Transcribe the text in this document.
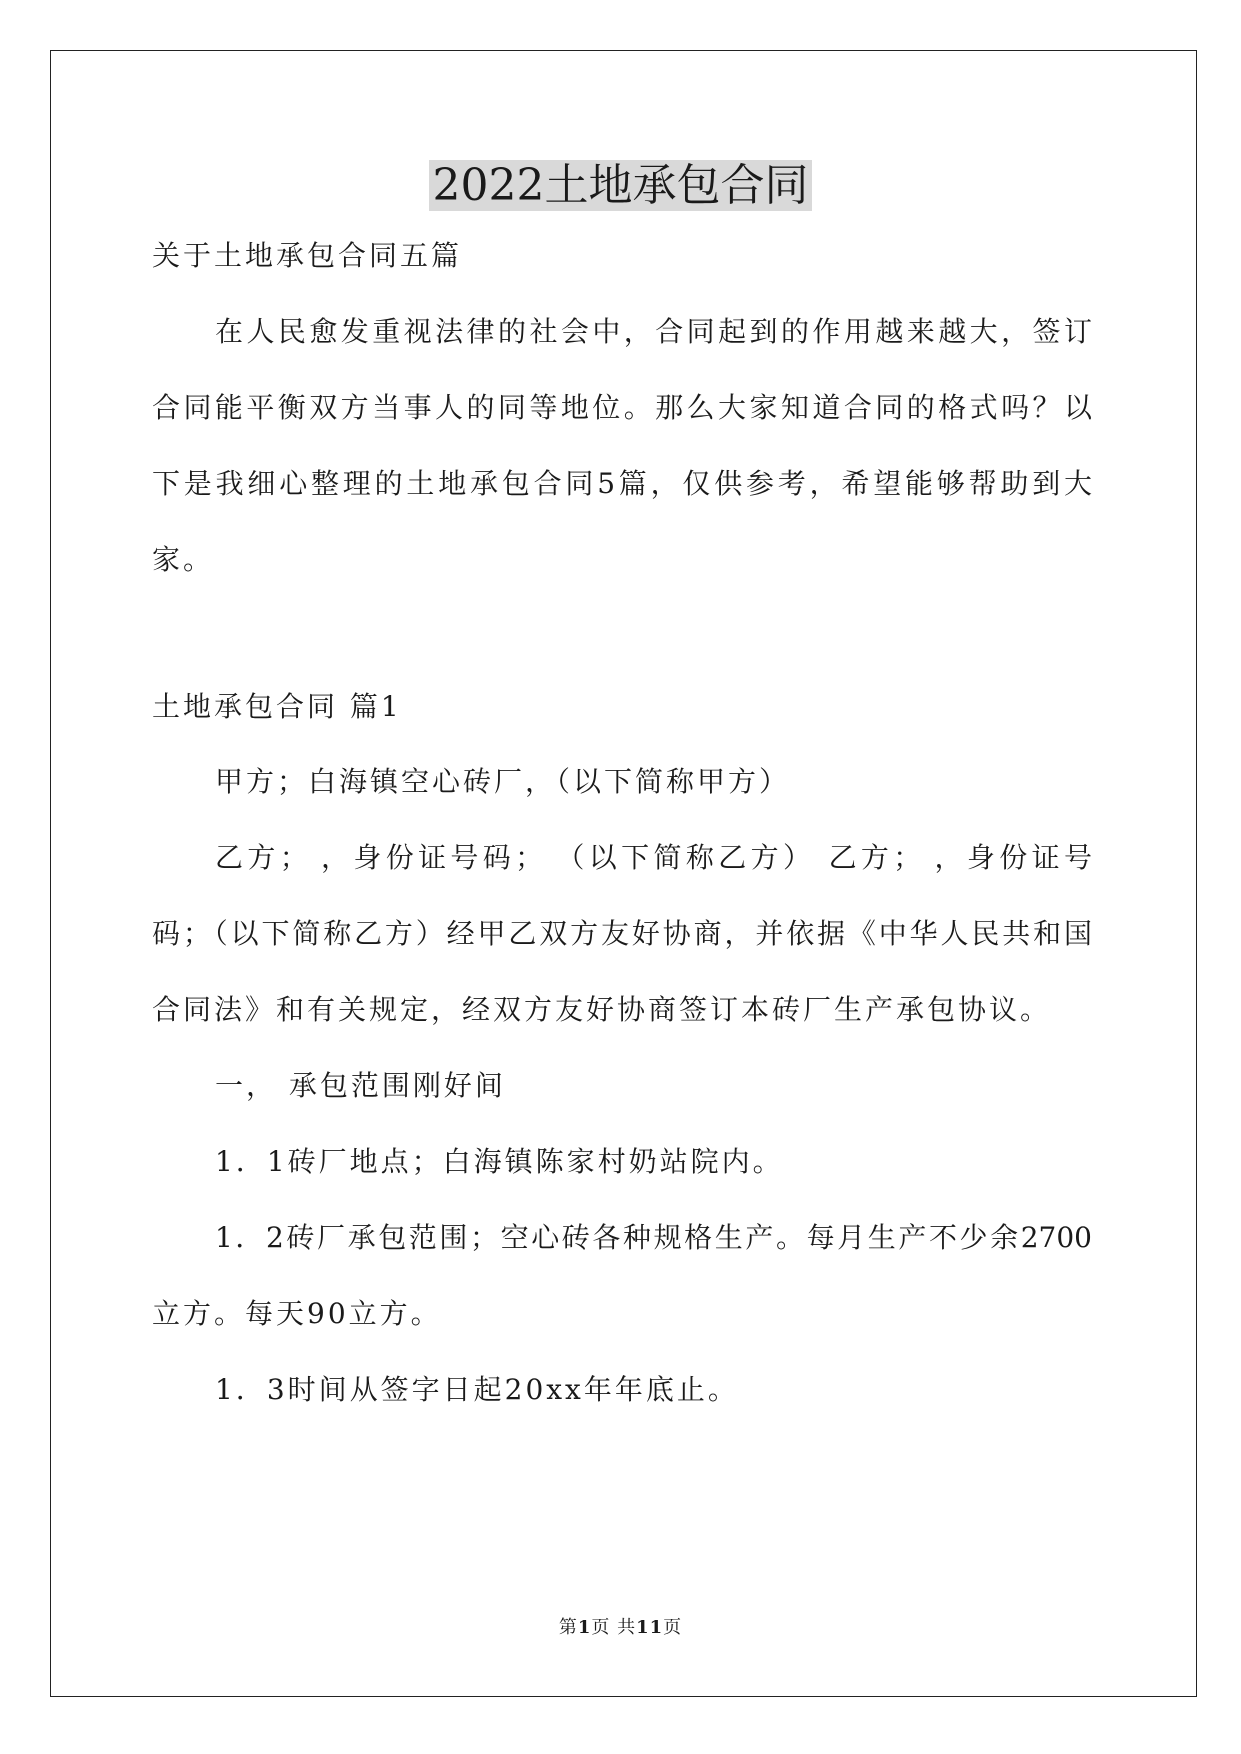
2022土地承包合同
关于土地承包合同五篇
在人民愈发重视法律的社会中，合同起到的作用越来越大，签订
合同能平衡双方当事人的同等地位。那么大家知道合同的格式吗？以
下是我细心整理的土地承包合同5篇，仅供参考，希望能够帮助到大
家。
土地承包合同 篇1
甲方；白海镇空心砖厂，（以下简称甲方）
乙方； ，身份证号码； （以下简称乙方） 乙方； ，身份证号
码；（以下简称乙方）经甲乙双方友好协商，并依据《中华人民共和国
合同法》和有关规定，经双方友好协商签订本砖厂生产承包协议。
一， 承包范围刚好间
1．1砖厂地点；白海镇陈家村奶站院内。
1．2砖厂承包范围；空心砖各种规格生产。每月生产不少余2700
立方。每天90立方。
1．3时间从签字日起20xx年年底止。
第1页 共11页
